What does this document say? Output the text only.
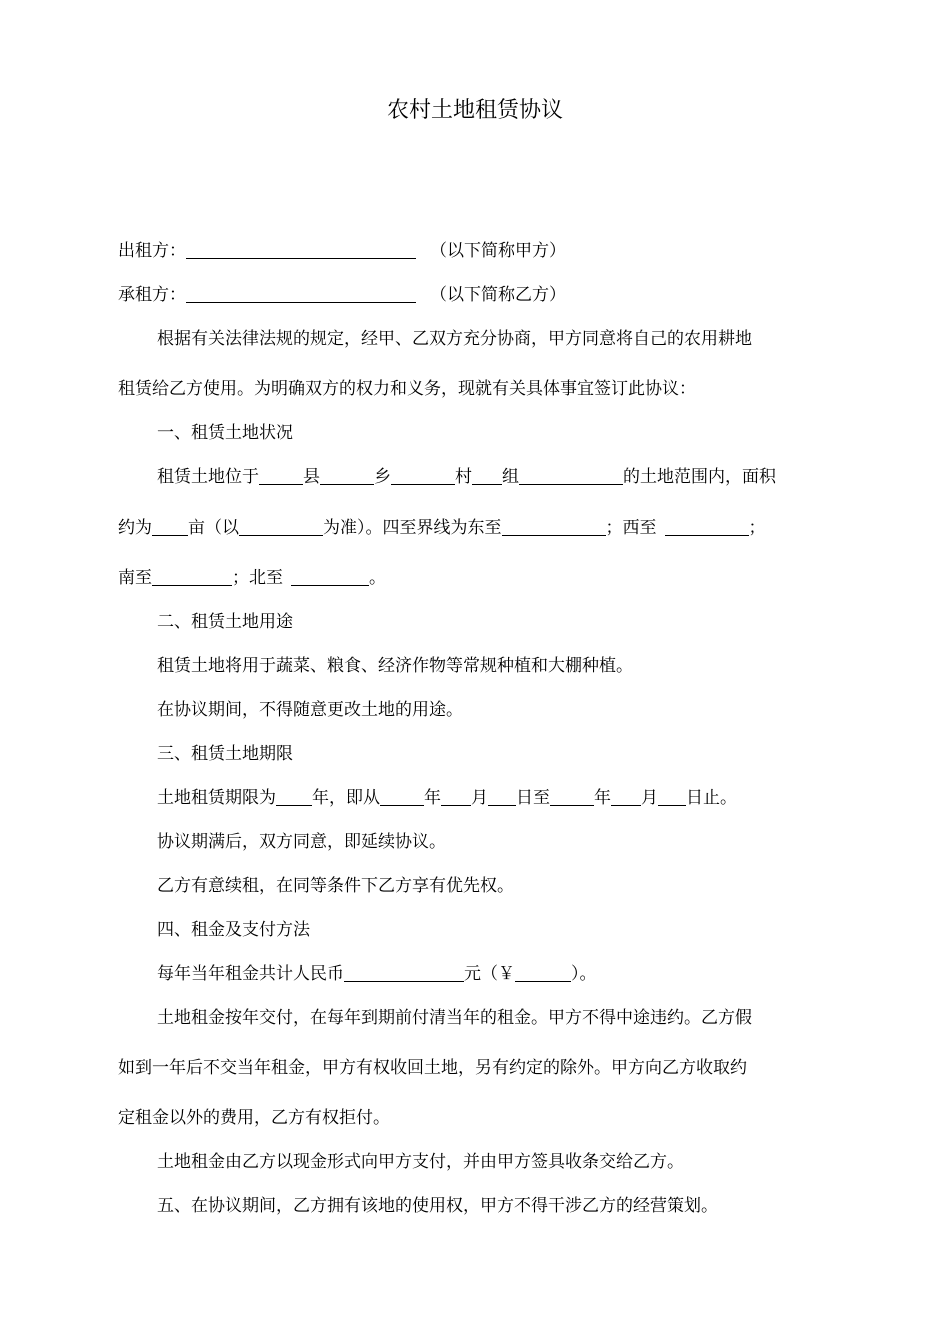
农村土地租赁协议
出租方：	（以下简称甲方）
承租方：	（以下简称乙方）
根据有关法律法规的规定，经甲、乙双方充分协商，甲方同意将自己的农用耕地
租赁给乙方使用。为明确双方的权力和义务，现就有关具体事宜签订此协议：
一、租赁土地状况
租赁土地位于	县	乡	村 组	的土地范围内，面积
约为 亩（以	为准）。四至界线为东至	；西至	；
南至	；北至	。
二、租赁土地用途
租赁土地将用于蔬菜、粮食、经济作物等常规种植和大棚种植。
在协议期间，不得随意更改土地的用途。
三、租赁土地期限
土地租赁期限为 年，即从	年 月 日至	年 月 日止。
协议期满后，双方同意，即延续协议。
乙方有意续租，在同等条件下乙方享有优先权。
四、租金及支付方法
每年当年租金共计人民币	元（￥	）。
土地租金按年交付，在每年到期前付清当年的租金。甲方不得中途违约。乙方假
如到一年后不交当年租金，甲方有权收回土地，另有约定的除外。甲方向乙方收取约
定租金以外的费用，乙方有权拒付。
土地租金由乙方以现金形式向甲方支付，并由甲方签具收条交给乙方。
五、在协议期间，乙方拥有该地的使用权，甲方不得干涉乙方的经营策划。
